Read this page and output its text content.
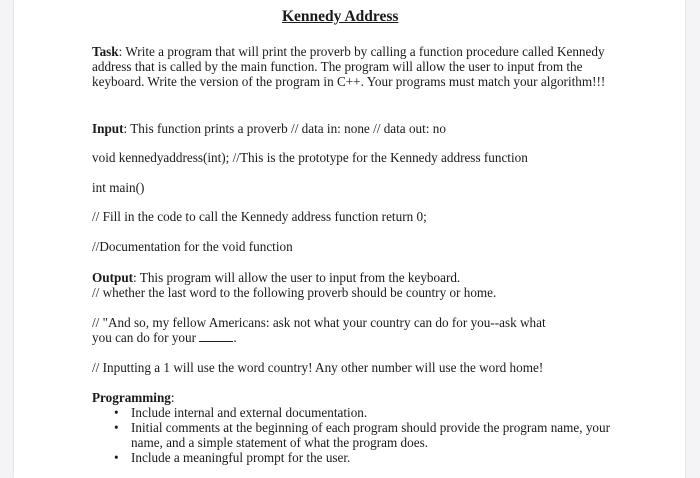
Kennedy Address
Task: Write a program that will print the proverb by calling a function procedure called Kennedy address that is called by the main function. The program will allow the user to input from the keyboard. Write the version of the program in C++. Your programs must match your algorithm!!!
Input: This function prints a proverb // data in: none // data out: no
void kennedyaddress(int); //This is the prototype for the Kennedy address function
int main()
// Fill in the code to call the Kennedy address function return 0;
//Documentation for the void function
Output: This program will allow the user to input from the keyboard.
// whether the last word to the following proverb should be country or home.
// "And so, my fellow Americans: ask not what your country can do for you--ask what
you can do for your	.
// Inputting a 1 will use the word country! Any other number will use the word home!
Programming:
• Include internal and external documentation.
• Initial comments at the beginning of each program should provide the program name, your name, and a simple statement of what the program does.
• Include a meaningful prompt for the user.
